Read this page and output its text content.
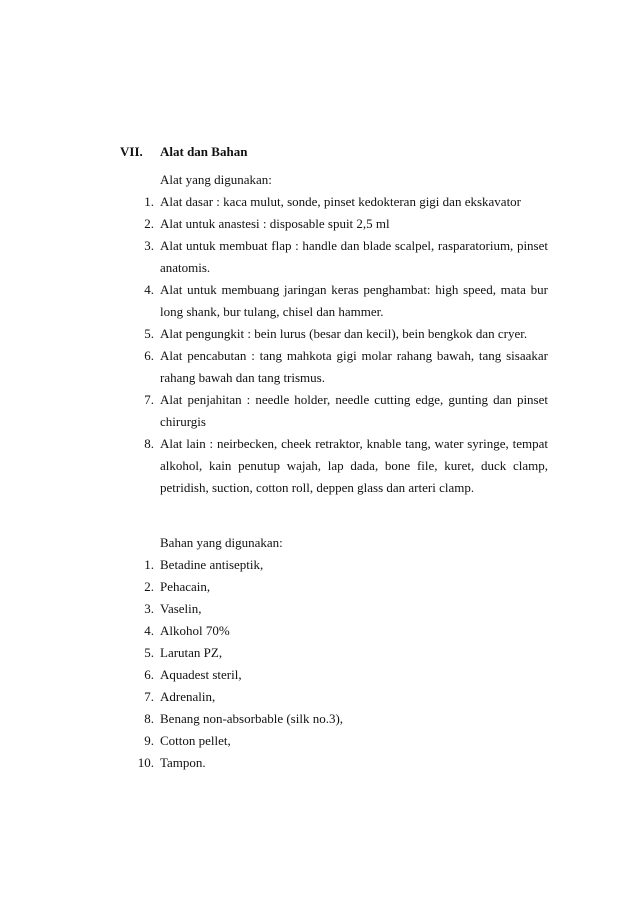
VII. Alat dan Bahan
Alat yang digunakan:
1. Alat dasar : kaca mulut, sonde, pinset kedokteran gigi dan ekskavator
2. Alat untuk anastesi : disposable spuit 2,5 ml
3. Alat untuk membuat flap : handle dan blade scalpel, rasparatorium, pinset anatomis.
4. Alat untuk membuang jaringan keras penghambat: high speed, mata bur long shank, bur tulang, chisel dan hammer.
5. Alat pengungkit : bein lurus (besar dan kecil), bein bengkok dan cryer.
6. Alat pencabutan : tang mahkota gigi molar rahang bawah, tang sisaakar rahang bawah dan tang trismus.
7. Alat penjahitan : needle holder, needle cutting edge, gunting dan pinset chirurgis
8. Alat lain : neirbecken, cheek retraktor, knable tang, water syringe, tempat alkohol, kain penutup wajah, lap dada, bone file, kuret, duck clamp, petridish, suction, cotton roll, deppen glass dan arteri clamp.
Bahan yang digunakan:
1. Betadine antiseptik,
2. Pehacain,
3. Vaselin,
4. Alkohol 70%
5. Larutan PZ,
6. Aquadest steril,
7. Adrenalin,
8. Benang non-absorbable (silk no.3),
9. Cotton pellet,
10. Tampon.
